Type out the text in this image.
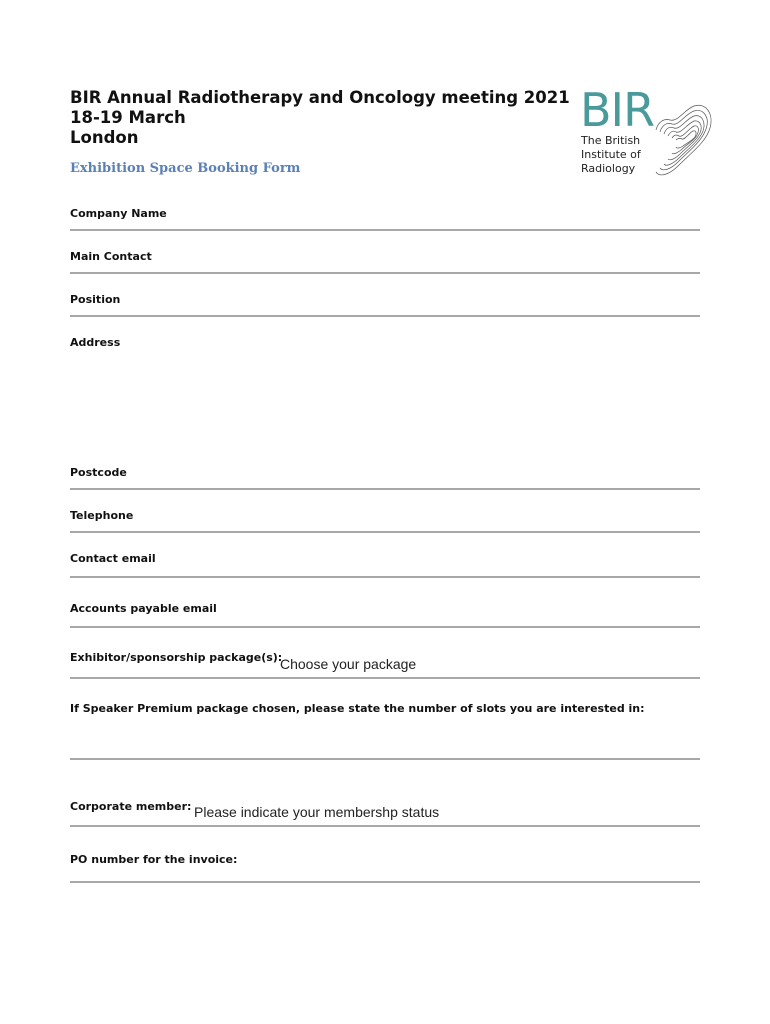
BIR Annual Radiotherapy and Oncology meeting 2021
18-19 March
London
Exhibition Space Booking Form
BIR
The British
Institute of
Radiology
Company Name
Main Contact
Position
Address
Postcode
Telephone
Contact email
Accounts payable email
Exhibitor/sponsorship package(s):
Choose your package
If Speaker Premium package chosen, please state the number of slots you are interested in:
Corporate member: Please indicate your membershp status
PO number for the invoice:
